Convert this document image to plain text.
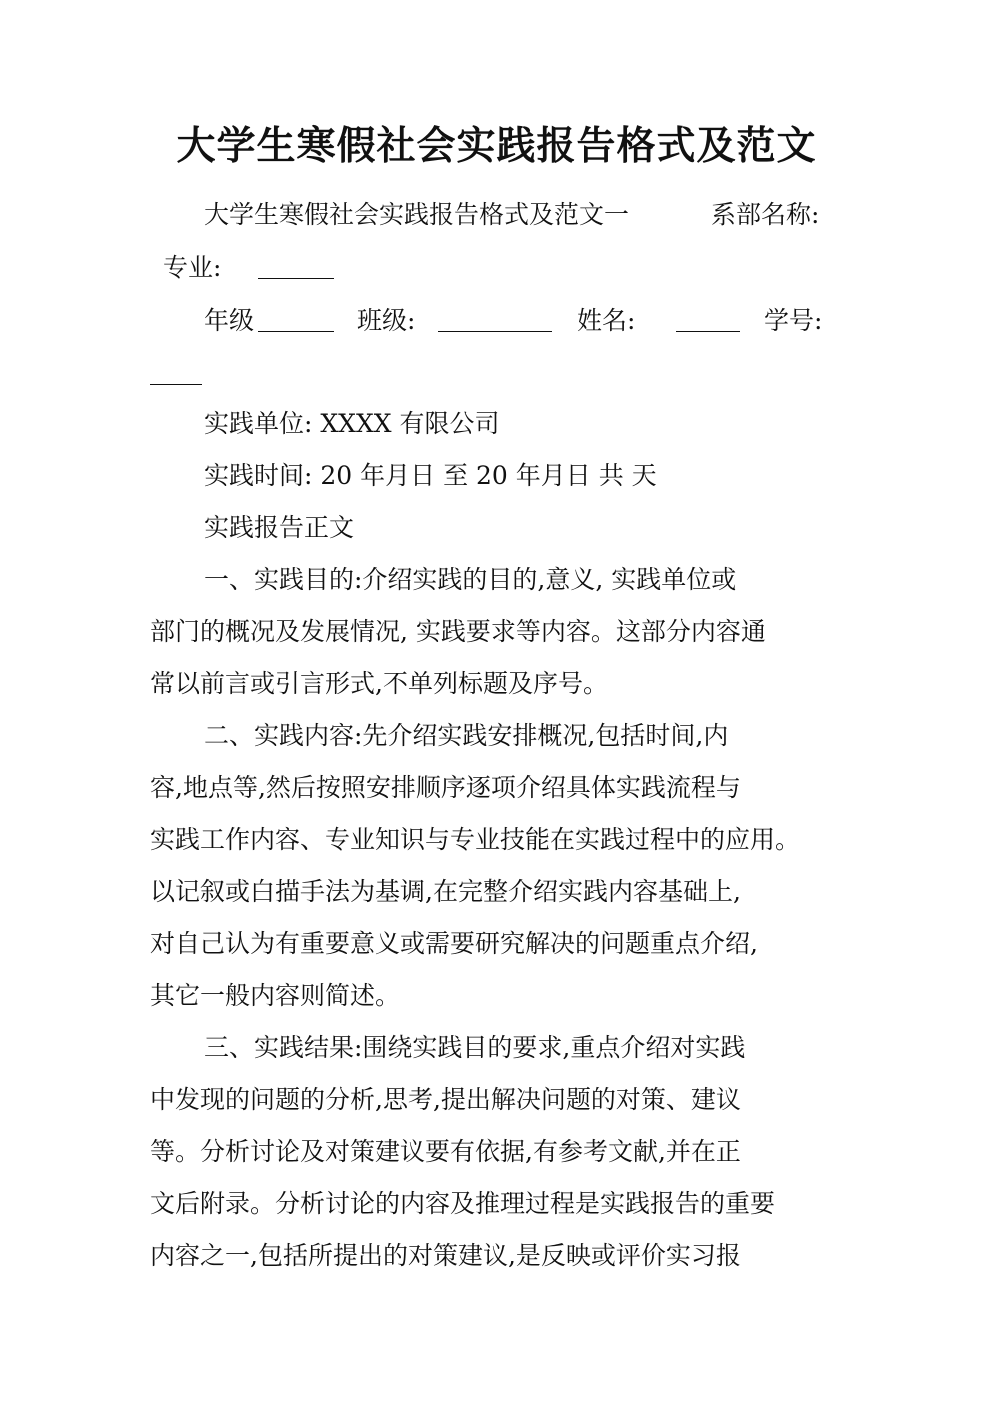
大学生寒假社会实践报告格式及范文
大学生寒假社会实践报告格式及范文一	系部名称:
专业:
年级	班级:	姓名:	学号:
实践单位: XXXX 有限公司
实践时间: 20 年月日 至 20 年月日 共 天
实践报告正文
一、实践目的:介绍实践的目的,意义, 实践单位或
部门的概况及发展情况, 实践要求等内容。这部分内容通
常以前言或引言形式,不单列标题及序号。
二、实践内容:先介绍实践安排概况,包括时间,内
容,地点等,然后按照安排顺序逐项介绍具体实践流程与
实践工作内容、专业知识与专业技能在实践过程中的应用。
以记叙或白描手法为基调,在完整介绍实践内容基础上,
对自己认为有重要意义或需要研究解决的问题重点介绍,
其它一般内容则简述。
三、实践结果:围绕实践目的要求,重点介绍对实践
中发现的问题的分析,思考,提出解决问题的对策、建议
等。分析讨论及对策建议要有依据,有参考文献,并在正
文后附录。分析讨论的内容及推理过程是实践报告的重要
内容之一,包括所提出的对策建议,是反映或评价实习报
